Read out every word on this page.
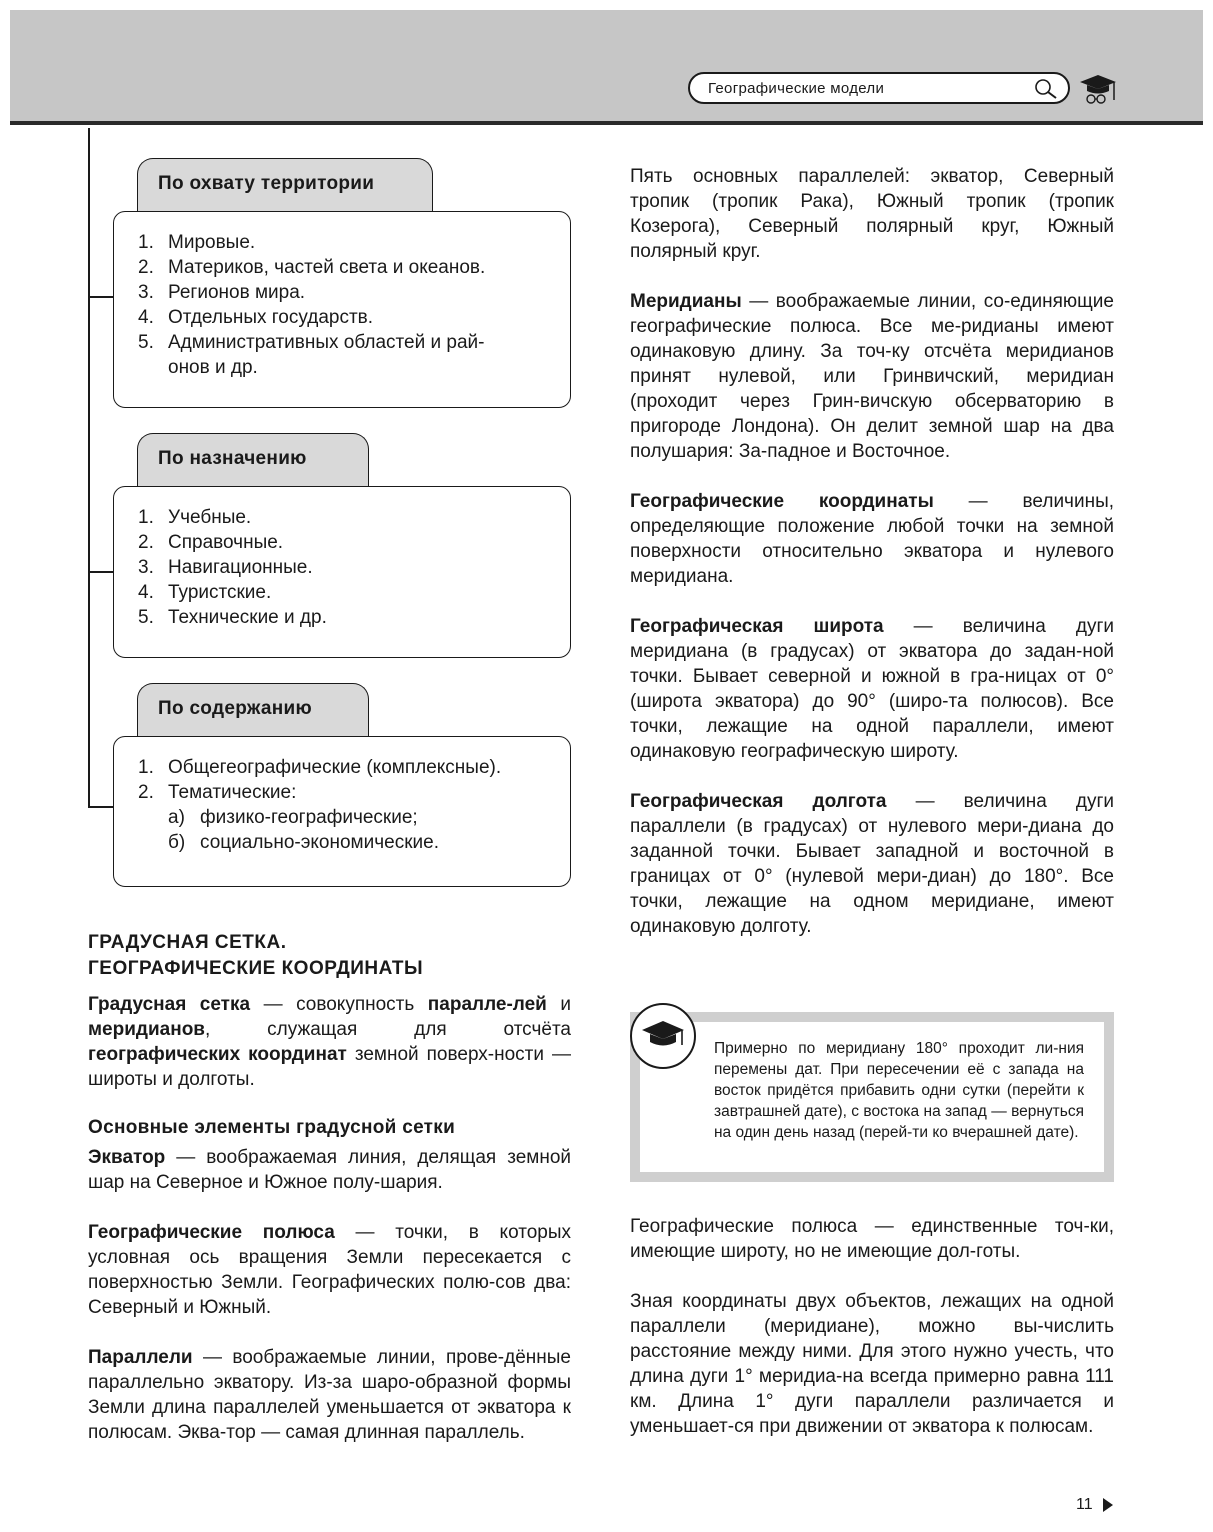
Географические модели
По охвату территории
1. Мировые.
2. Материков, частей света и океанов.
3. Регионов мира.
4. Отдельных государств.
5. Административных областей и рай-
онов и др.
По назначению
1. Учебные.
2. Справочные.
3. Навигационные.
4. Туристские.
5. Технические и др.
По содержанию
1. Общегеографические (комплексные).
2. Тематические:
а) физико-географические;
б) социально-экономические.
ГРАДУСНАЯ СЕТКА.
ГЕОГРАФИЧЕСКИЕ КООРДИНАТЫ

Градусная сетка — совокупность паралле-лей и меридианов, служащая для отсчёта географических координат земной поверх-ности — широты и долготы.

Основные элементы градусной сетки

Экватор — воображаемая линия, делящая земной шар на Северное и Южное полу-шария.

Географические полюса — точки, в которых условная ось вращения Земли пересекается с поверхностью Земли. Географических полю-сов два: Северный и Южный.

Параллели — воображаемые линии, прове-дённые параллельно экватору. Из-за шаро-образной формы Земли длина параллелей уменьшается от экватора к полюсам. Эква-тор — самая длинная параллель.

Пять основных параллелей: экватор, Северный тропик (тропик Рака), Южный тропик (тропик Козерога), Северный полярный круг, Южный полярный круг.

Меридианы — воображаемые линии, со-единяющие географические полюса. Все ме-ридианы имеют одинаковую длину. За точ-ку отсчёта меридианов принят нулевой, или Гринвичский, меридиан (проходит через Грин-вичскую обсерваторию в пригороде Лондона). Он делит земной шар на два полушария: За-падное и Восточное.

Географические координаты — величины, определяющие положение любой точки на земной поверхности относительно экватора и нулевого меридиана.

Географическая широта — величина дуги меридиана (в градусах) от экватора до задан-ной точки. Бывает северной и южной в гра-ницах от 0° (широта экватора) до 90° (широ-та полюсов). Все точки, лежащие на одной параллели, имеют одинаковую географическую широту.

Географическая долгота — величина дуги параллели (в градусах) от нулевого мери-диана до заданной точки. Бывает западной и восточной в границах от 0° (нулевой мери-диан) до 180°. Все точки, лежащие на одном меридиане, имеют одинаковую долготу.

Примерно по меридиану 180° проходит ли-ния перемены дат. При пересечении её с запада на восток придётся прибавить одни сутки (перейти к завтрашней дате), с востока на запад — вернуться на один день назад (перей-ти ко вчерашней дате).

Географические полюса — единственные точ-ки, имеющие широту, но не имеющие дол-готы.

Зная координаты двух объектов, лежащих на одной параллели (меридиане), можно вы-числить расстояние между ними. Для этого нужно учесть, что длина дуги 1° меридиа-на всегда примерно равна 111 км. Длина 1° дуги параллели различается и уменьшает-ся при движении от экватора к полюсам.

11
